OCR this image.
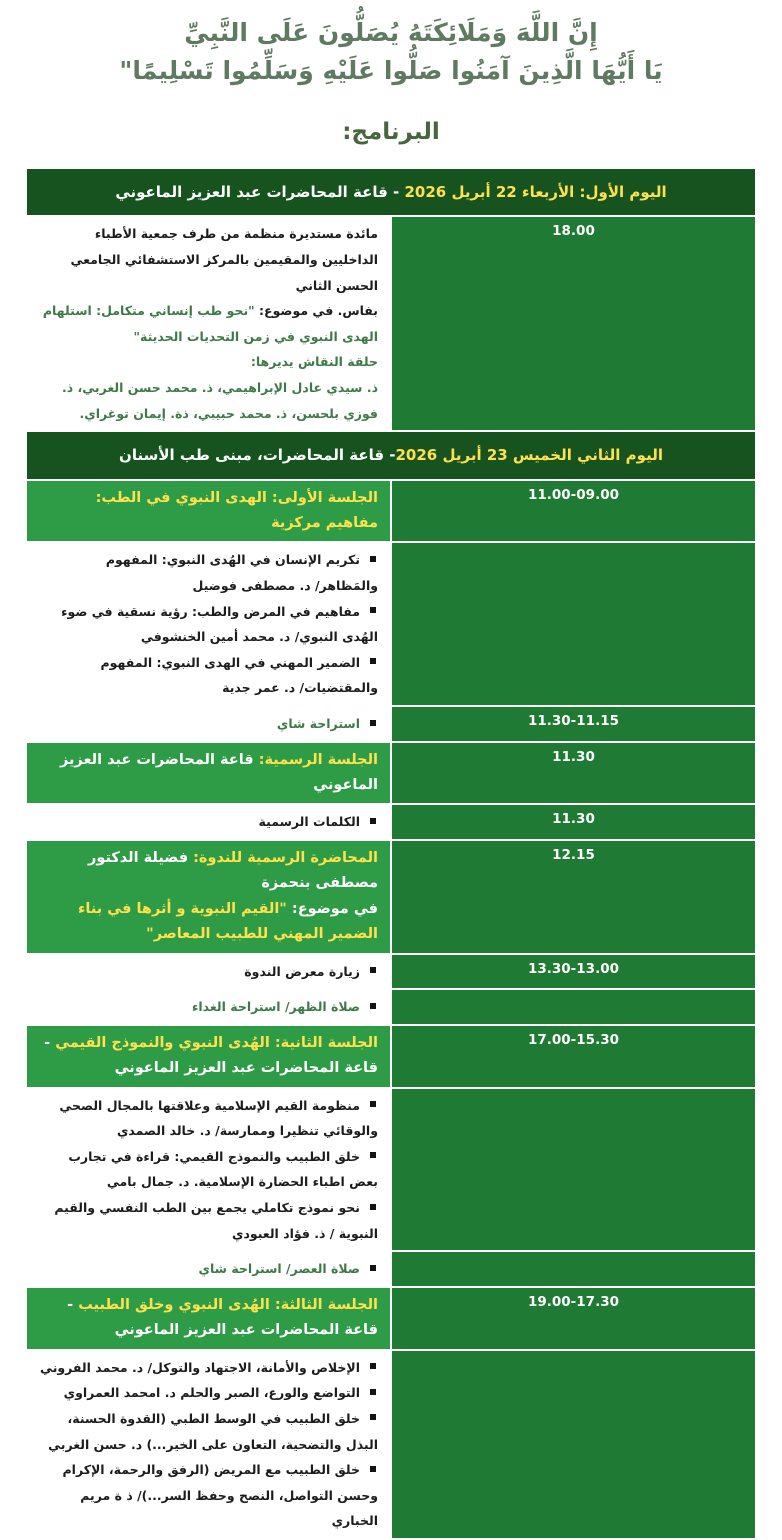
إِنَّ اللَّهَ وَمَلَائِكَتَهُ يُصَلُّونَ عَلَى النَّبِيِّ
يَا أَيُّهَا الَّذِينَ آمَنُوا صَلُّوا عَلَيْهِ وَسَلِّمُوا تَسْلِيمًا"
البرنامج:
اليوم الأول: الأربعاء 22 أبريل 2026 - قاعة المحاضرات عبد العزيز الماعوني	

18.00	مائدة مستديرة منظمة من طرف جمعية الأطباء الداخليين والمقيمين بالمركز الاستشفائي الجامعي الحسن الثاني
بفاس. في موضوع: "نحو طب إنساني متكامل: استلهام الهدى النبوي في زمن التحديات الحديثة"
حلقة النقاش يديرها:
ذ. سيدي عادل الإبراهيمي، ذ. محمد حسن الغربي، ذ. فوزي بلحسن، ذ. محمد حبيبي، ذة. إيمان توغراي.

اليوم الثاني الخميس 23 أبريل 2026- قاعة المحاضرات، مبنى طب الأسنان	

11.00-09.00	الجلسة الأولى: الهدى النبوي في الطب: مفاهيم مركزية

	تكريم الإنسان في الهُدى النبوي: المفهوم والمَظاهر/ د. مصطفى فوضيل
مفاهيم في المرض والطب: رؤية نسقية في ضوء الهُدى النبوي/ د. محمد أمين الخنشوفي
الضمير المهني في الهدى النبوي: المفهوم والمقتضيات/ د. عمر جدية

11.30-11.15	استراحة شاي

11.30	الجلسة الرسمية: قاعة المحاضرات عبد العزيز الماعوني

11.30	الكلمات الرسمية

12.15	المحاضرة الرسمية للندوة: فضيلة الدكتور مصطفى بنحمزة
في موضوع: "القيم النبوية و أثرها في بناء الضمير المهني للطبيب المعاصر"

13.30-13.00	زيارة معرض الندوة

	صلاة الظهر/ استراحة الغداء

17.00-15.30	الجلسة الثانية: الهُدى النبوي والنموذج القيمي - قاعة المحاضرات عبد العزيز الماعوني

	منظومة القيم الإسلامية وعلاقتها بالمجال الصحي والوقائي تنظيرا وممارسة/ د. خالد الصمدي
خلق الطبيب والنموذج القيمي: قراءة في تجارب بعض اطباء الحضارة الإسلامية. د. جمال بامي
نحو نموذج تكاملي يجمع بين الطب النفسي والقيم النبوية / ذ. فؤاد العبودي

	صلاة العصر/ استراحة شاي

19.00-17.30	الجلسة الثالثة: الهُدى النبوي وخلق الطبيب - قاعة المحاضرات عبد العزيز الماعوني

	الإخلاص والأمانة، الاجتهاد والتوكل/ د. محمد الفروني
التواضع والورع، الصبر والحلم د. امحمد العمراوي
خلق الطبيب في الوسط الطبي (القدوة الحسنة، البذل والتضحية، التعاون على الخير...) د. حسن الغربي
خلق الطبيب مع المريض (الرفق والرحمة، الإكرام وحسن التواصل، النصح وحفظ السر...)/ ذ ة مريم الخباري
